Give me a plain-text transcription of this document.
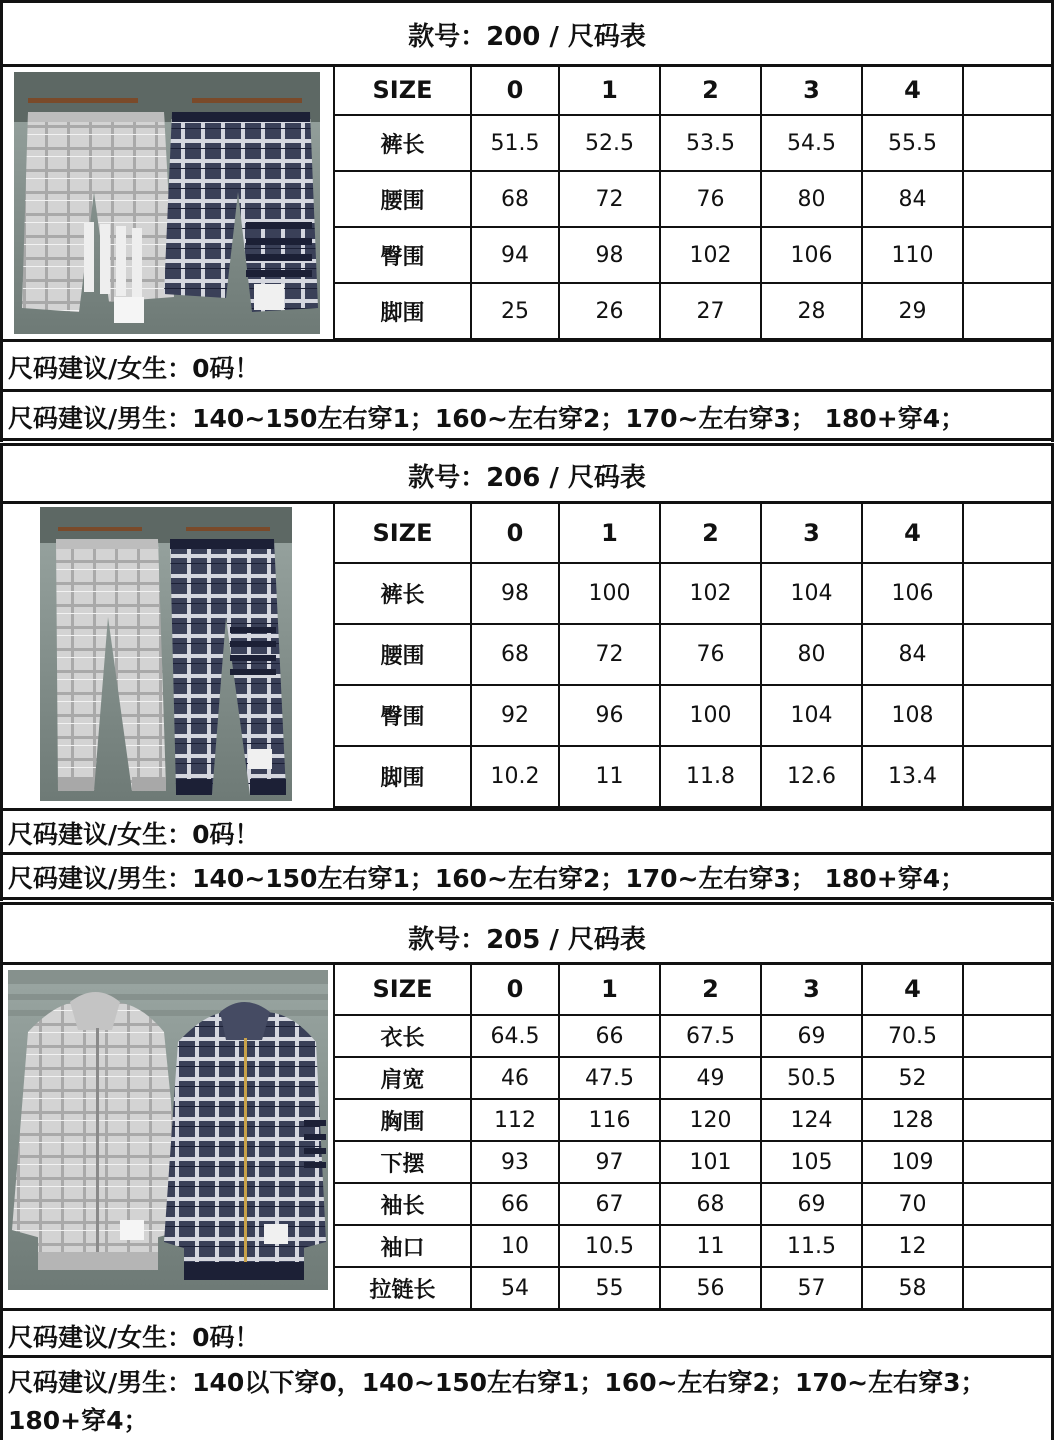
款号：200 / 尺码表
SIZE	0	1	2	3	4	
裤长	51.5	52.5	53.5	54.5	55.5	
腰围	68	72	76	80	84	
臀围	94	98	102	106	110	
脚围	25	26	27	28	29	
尺码建议/女生：0码！
尺码建议/男生：140~150左右穿1；160~左右穿2；170~左右穿3； 180+穿4；
款号：206 / 尺码表
SIZE	0	1	2	3	4	
裤长	98	100	102	104	106	
腰围	68	72	76	80	84	
臀围	92	96	100	104	108	
脚围	10.2	11	11.8	12.6	13.4	
尺码建议/女生：0码！
尺码建议/男生：140~150左右穿1；160~左右穿2；170~左右穿3； 180+穿4；
款号：205 / 尺码表
SIZE	0	1	2	3	4	
衣长	64.5	66	67.5	69	70.5	
肩宽	46	47.5	49	50.5	52	
胸围	112	116	120	124	128	
下摆	93	97	101	105	109	
袖长	66	67	68	69	70	
袖口	10	10.5	11	11.5	12	
拉链长	54	55	56	57	58	
尺码建议/女生：0码！
尺码建议/男生：140以下穿0，140~150左右穿1；160~左右穿2；170~左右穿3；
180+穿4；
